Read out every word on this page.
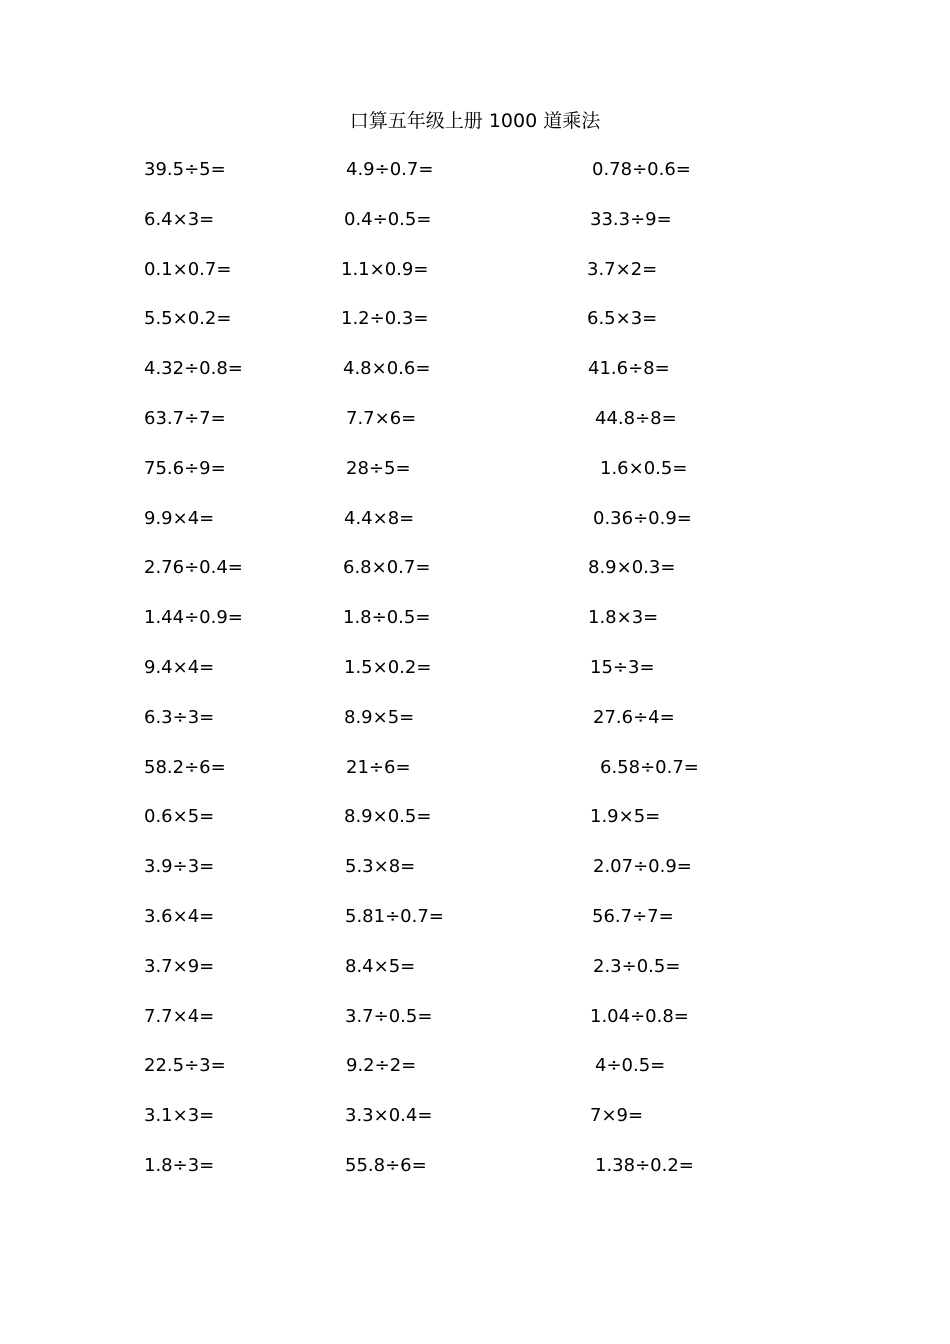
口算五年级上册 1000 道乘法
39.5÷5=	4.9÷0.7=	0.78÷0.6=
6.4×3=	0.4÷0.5=	33.3÷9=
0.1×0.7=	1.1×0.9=	3.7×2=
5.5×0.2=	1.2÷0.3=	6.5×3=
4.32÷0.8=	4.8×0.6=	41.6÷8=
63.7÷7=	7.7×6=	44.8÷8=
75.6÷9=	28÷5=	1.6×0.5=
9.9×4=	4.4×8=	0.36÷0.9=
2.76÷0.4=	6.8×0.7=	8.9×0.3=
1.44÷0.9=	1.8÷0.5=	1.8×3=
9.4×4=	1.5×0.2=	15÷3=
6.3÷3=	8.9×5=	27.6÷4=
58.2÷6=	21÷6=	6.58÷0.7=
0.6×5=	8.9×0.5=	1.9×5=
3.9÷3=	5.3×8=	2.07÷0.9=
3.6×4=	5.81÷0.7=	56.7÷7=
3.7×9=	8.4×5=	2.3÷0.5=
7.7×4=	3.7÷0.5=	1.04÷0.8=
22.5÷3=	9.2÷2=	4÷0.5=
3.1×3=	3.3×0.4=	7×9=
1.8÷3=	55.8÷6=	1.38÷0.2=
